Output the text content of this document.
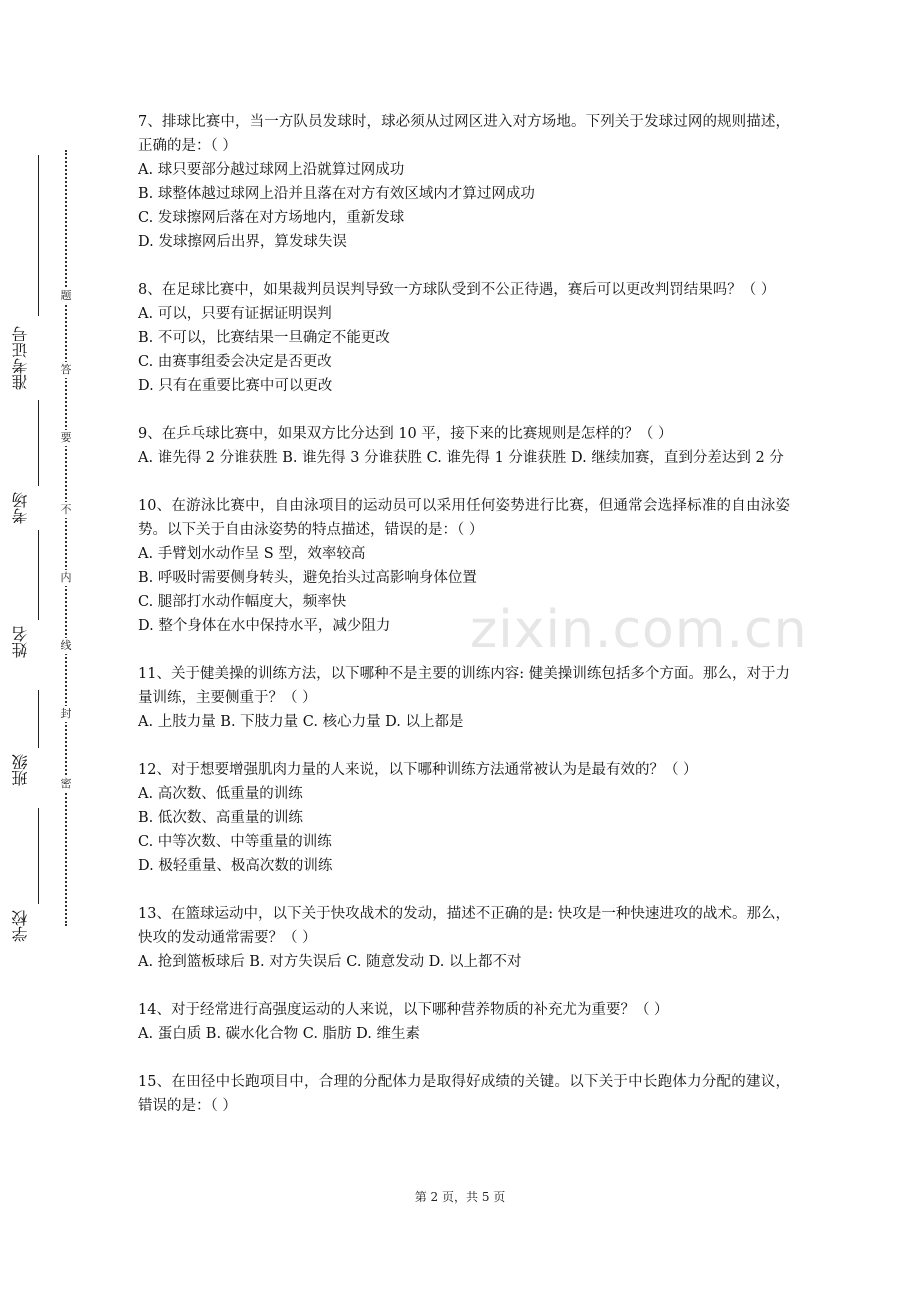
学校
班级
姓名
考场
准考证号
密
封
线
内
不
要
答
题
zixin.com.cn
7、排球比赛中，当一方队员发球时，球必须从过网区进入对方场地。下列关于发球过网的规则描述，正确的是：（ ）
A. 球只要部分越过球网上沿就算过网成功
B. 球整体越过球网上沿并且落在对方有效区域内才算过网成功
C. 发球擦网后落在对方场地内，重新发球
D. 发球擦网后出界，算发球失误
8、在足球比赛中，如果裁判员误判导致一方球队受到不公正待遇，赛后可以更改判罚结果吗？（ ）
A. 可以，只要有证据证明误判
B. 不可以，比赛结果一旦确定不能更改
C. 由赛事组委会决定是否更改
D. 只有在重要比赛中可以更改
9、在乒乓球比赛中，如果双方比分达到 10 平，接下来的比赛规则是怎样的？（ ）
A. 谁先得 2 分谁获胜 B. 谁先得 3 分谁获胜 C. 谁先得 1 分谁获胜 D. 继续加赛，直到分差达到 2 分
10、在游泳比赛中，自由泳项目的运动员可以采用任何姿势进行比赛，但通常会选择标准的自由泳姿势。以下关于自由泳姿势的特点描述，错误的是：（ ）
A. 手臂划水动作呈 S 型，效率较高
B. 呼吸时需要侧身转头，避免抬头过高影响身体位置
C. 腿部打水动作幅度大，频率快
D. 整个身体在水中保持水平，减少阻力
11、关于健美操的训练方法，以下哪种不是主要的训练内容: 健美操训练包括多个方面。那么，对于力量训练，主要侧重于？（ ）
A. 上肢力量 B. 下肢力量 C. 核心力量 D. 以上都是
12、对于想要增强肌肉力量的人来说，以下哪种训练方法通常被认为是最有效的？（ ）
A. 高次数、低重量的训练
B. 低次数、高重量的训练
C. 中等次数、中等重量的训练
D. 极轻重量、极高次数的训练
13、在篮球运动中，以下关于快攻战术的发动，描述不正确的是: 快攻是一种快速进攻的战术。那么，快攻的发动通常需要？（ ）
A. 抢到篮板球后 B. 对方失误后 C. 随意发动 D. 以上都不对
14、对于经常进行高强度运动的人来说，以下哪种营养物质的补充尤为重要？（ ）
A. 蛋白质 B. 碳水化合物 C. 脂肪 D. 维生素
15、在田径中长跑项目中，合理的分配体力是取得好成绩的关键。以下关于中长跑体力分配的建议，错误的是：（ ）
第 2 页，共 5 页
